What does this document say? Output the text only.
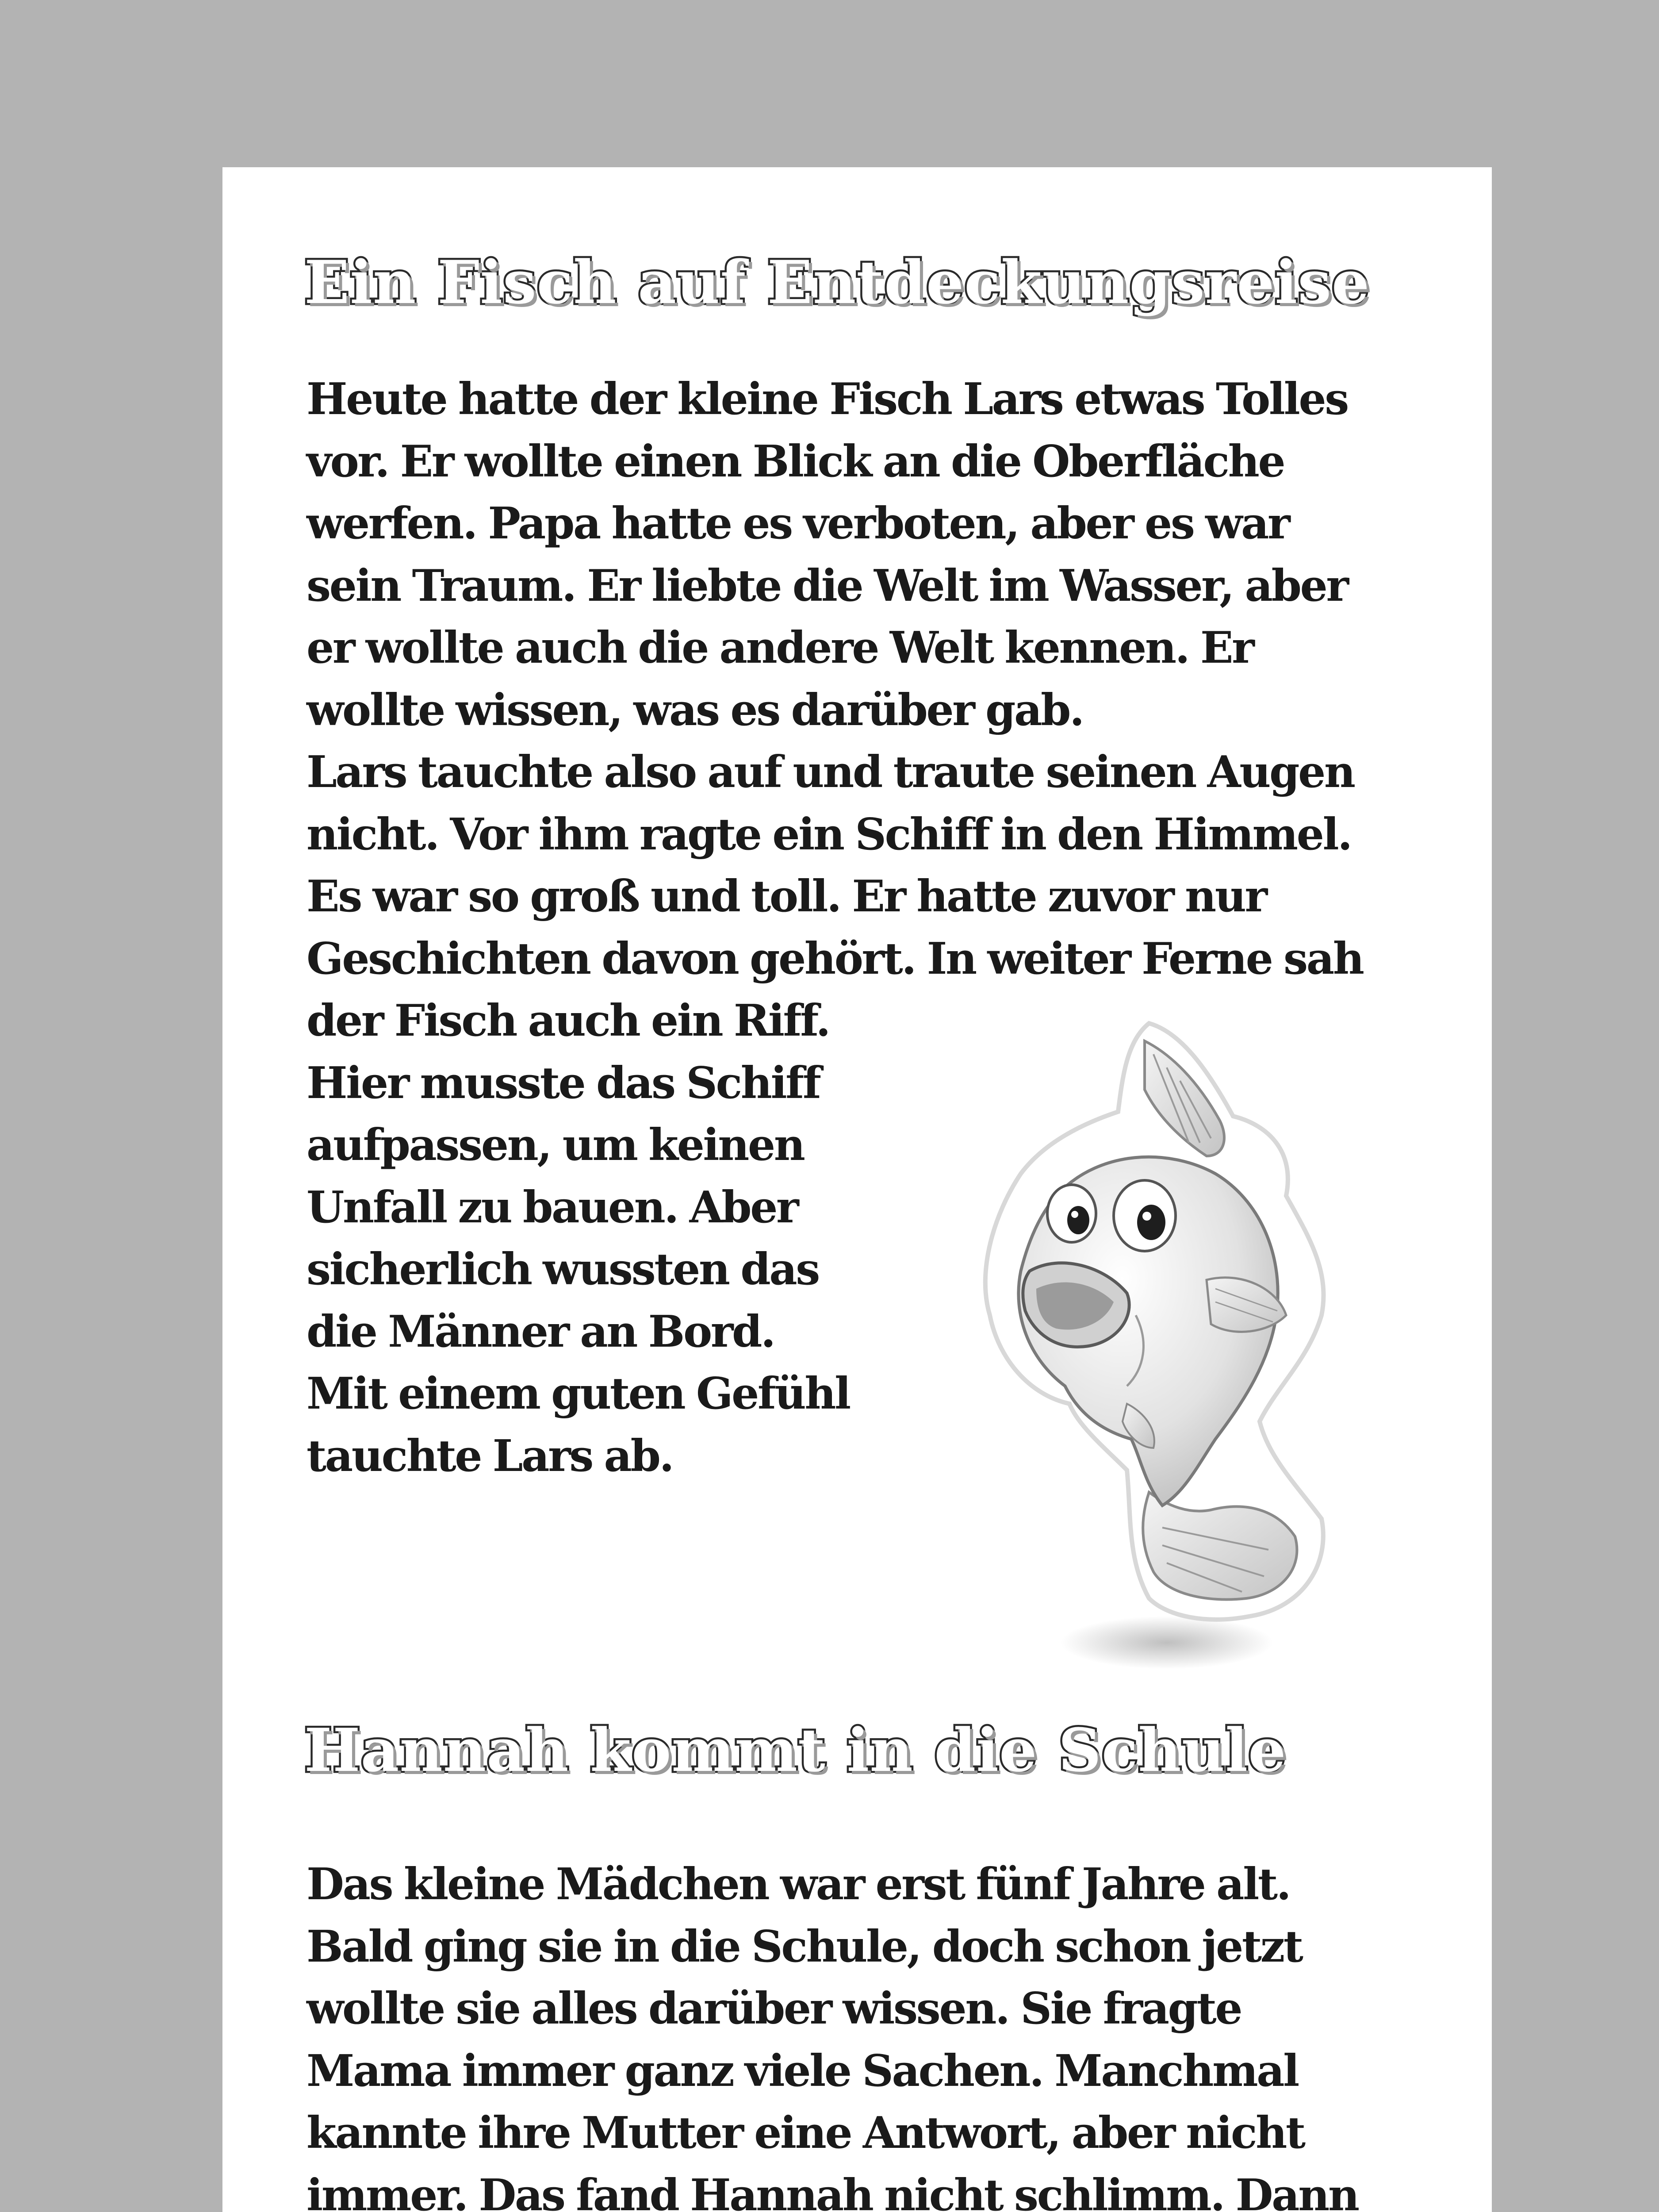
Ein Fisch auf Entdeckungsreise
Heute hatte der kleine Fisch Lars etwas Tolles
vor. Er wollte einen Blick an die Oberfläche
werfen. Papa hatte es verboten, aber es war
sein Traum. Er liebte die Welt im Wasser, aber
er wollte auch die andere Welt kennen. Er
wollte wissen, was es darüber gab.
Lars tauchte also auf und traute seinen Augen
nicht. Vor ihm ragte ein Schiff in den Himmel.
Es war so groß und toll. Er hatte zuvor nur
Geschichten davon gehört. In weiter Ferne sah
der Fisch auch ein Riff.
Hier musste das Schiff
aufpassen, um keinen
Unfall zu bauen. Aber
sicherlich wussten das
die Männer an Bord.
Mit einem guten Gefühl
tauchte Lars ab.
Hannah kommt in die Schule
Das kleine Mädchen war erst fünf Jahre alt.
Bald ging sie in die Schule, doch schon jetzt
wollte sie alles darüber wissen. Sie fragte
Mama immer ganz viele Sachen. Manchmal
kannte ihre Mutter eine Antwort, aber nicht
immer. Das fand Hannah nicht schlimm. Dann
